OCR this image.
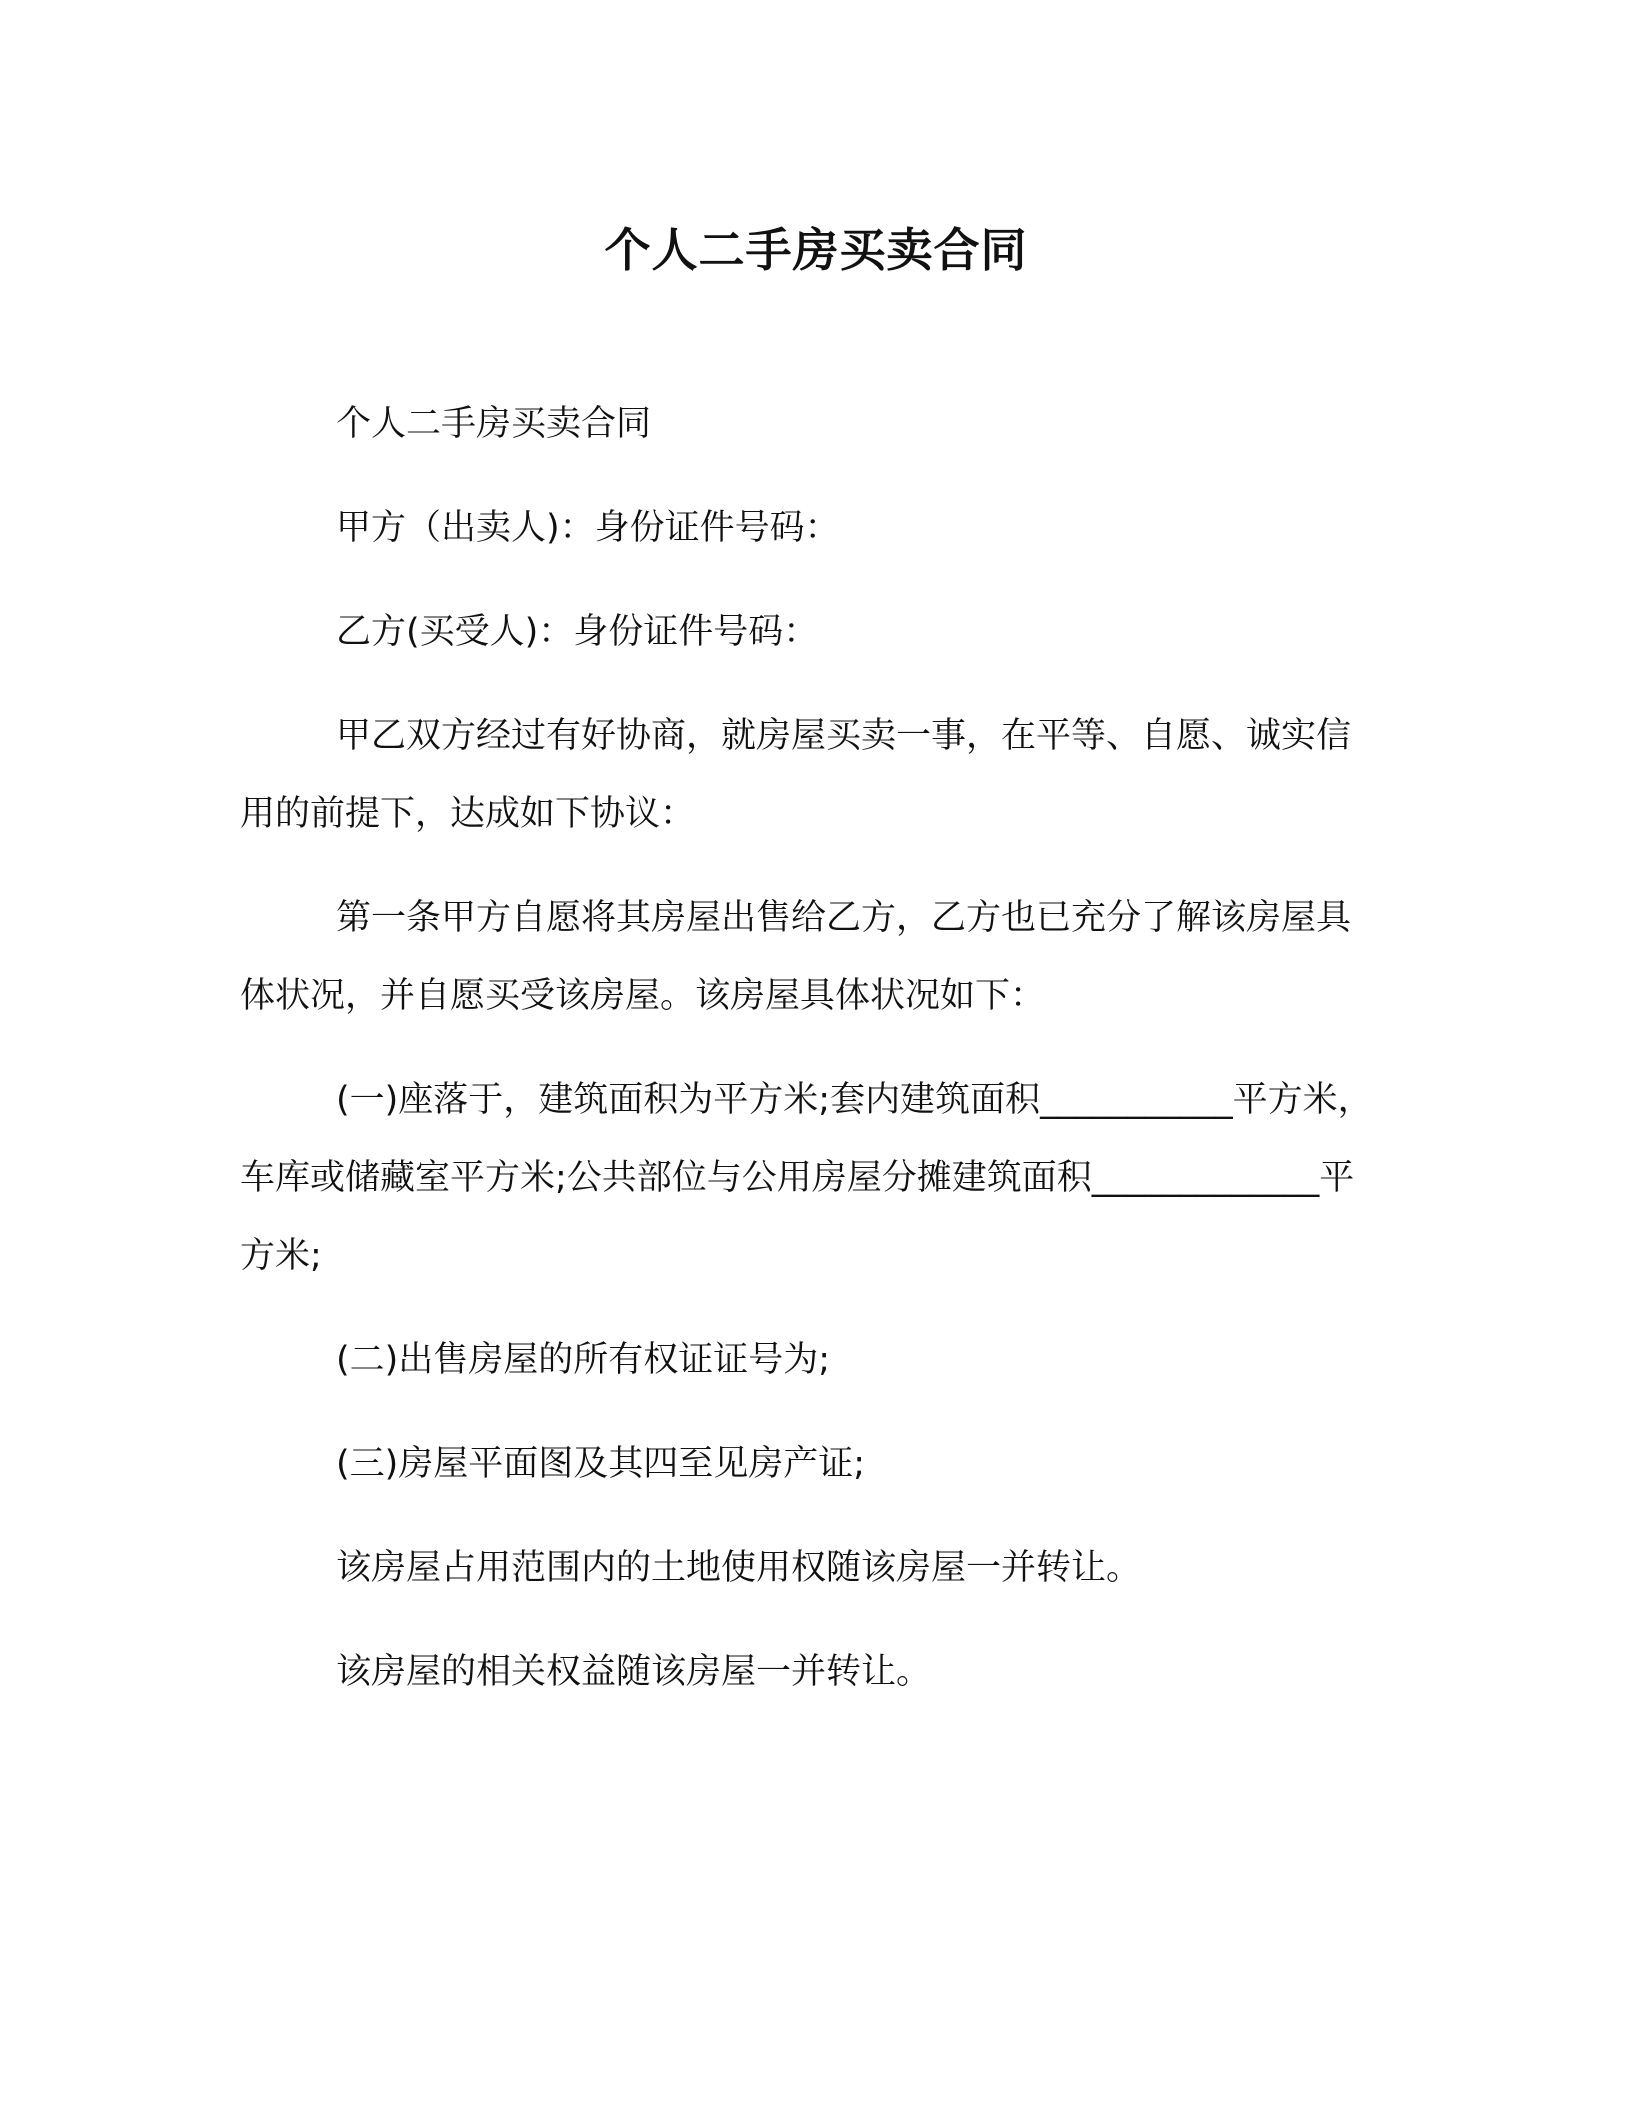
个人二手房买卖合同

个人二手房买卖合同

甲方（出卖人)：身份证件号码：

乙方(买受人)：身份证件号码：

甲乙双方经过有好协商，就房屋买卖一事，在平等、自愿、诚实信用的前提下，达成如下协议：

第一条甲方自愿将其房屋出售给乙方，乙方也已充分了解该房屋具体状况，并自愿买受该房屋。该房屋具体状况如下：

(一)座落于，建筑面积为平方米;套内建筑面积___________平方米，车库或储藏室平方米;公共部位与公用房屋分摊建筑面积_____________平方米;

(二)出售房屋的所有权证证号为;

(三)房屋平面图及其四至见房产证;

该房屋占用范围内的土地使用权随该房屋一并转让。

该房屋的相关权益随该房屋一并转让。
